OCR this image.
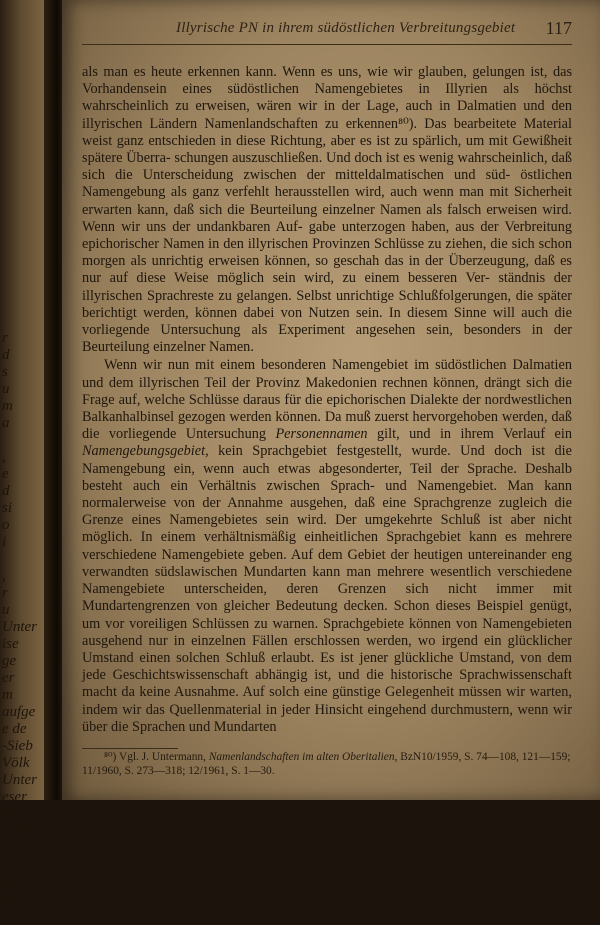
r
d
s
u
m
a
,
e
d
si
o
i
,
r
u
Unter
ise
ge
er
m
aufge
e de
-Sieb
Völk
Unter
eser
Sie
t der
In
ausf
hen
der F
alle
Illyrische PN in ihrem südöstlichen Verbreitungsgebiet 117

als man es heute erkennen kann. Wenn es uns, wie wir glauben, gelungen ist, das Vorhandensein eines südöstlichen Namengebietes in Illyrien als höchst wahrscheinlich zu erweisen, wären wir in der Lage, auch in Dalmatien und den illyrischen Ländern Namenlandschaften zu erkennen⁸⁰). Das bearbeitete Material weist ganz entschieden in diese Richtung, aber es ist zu spärlich, um mit Gewißheit spätere Überra- schungen auszuschließen. Und doch ist es wenig wahrscheinlich, daß sich die Unterscheidung zwischen der mitteldalmatischen und süd- östlichen Namengebung als ganz verfehlt herausstellen wird, auch wenn man mit Sicherheit erwarten kann, daß sich die Beurteilung einzelner Namen als falsch erweisen wird. Wenn wir uns der undankbaren Auf- gabe unterzogen haben, aus der Verbreitung epichorischer Namen in den illyrischen Provinzen Schlüsse zu ziehen, die sich schon morgen als unrichtig erweisen können, so geschah das in der Überzeugung, daß es nur auf diese Weise möglich sein wird, zu einem besseren Ver- ständnis der illyrischen Sprachreste zu gelangen. Selbst unrichtige Schlußfolgerungen, die später berichtigt werden, können dabei von Nutzen sein. In diesem Sinne will auch die vorliegende Untersuchung als Experiment angesehen sein, besonders in der Beurteilung einzelner Namen.

Wenn wir nun mit einem besonderen Namengebiet im südöstlichen Dalmatien und dem illyrischen Teil der Provinz Makedonien rechnen können, drängt sich die Frage auf, welche Schlüsse daraus für die epichorischen Dialekte der nordwestlichen Balkanhalbinsel gezogen werden können. Da muß zuerst hervorgehoben werden, daß die vorliegende Untersuchung Personennamen gilt, und in ihrem Verlauf ein Namengebungsgebiet, kein Sprachgebiet festgestellt, wurde. Und doch ist die Namengebung ein, wenn auch etwas abgesonderter, Teil der Sprache. Deshalb besteht auch ein Verhältnis zwischen Sprach- und Namengebiet. Man kann normalerweise von der Annahme ausgehen, daß eine Sprachgrenze zugleich die Grenze eines Namengebietes sein wird. Der umgekehrte Schluß ist aber nicht möglich. In einem verhältnismäßig einheitlichen Sprachgebiet kann es mehrere verschiedene Namengebiete geben. Auf dem Gebiet der heutigen untereinander eng verwandten südslawischen Mundarten kann man mehrere wesentlich verschiedene Namengebiete unterscheiden, deren Grenzen sich nicht immer mit Mundartengrenzen von gleicher Bedeutung decken. Schon dieses Beispiel genügt, um vor voreiligen Schlüssen zu warnen. Sprachgebiete können von Namengebieten ausgehend nur in einzelnen Fällen erschlossen werden, wo irgend ein glücklicher Umstand einen solchen Schluß erlaubt. Es ist jener glückliche Umstand, von dem jede Geschichtswissenschaft abhängig ist, und die historische Sprachwissenschaft macht da keine Ausnahme. Auf solch eine günstige Gelegenheit müssen wir warten, indem wir das Quellenmaterial in jeder Hinsicht eingehend durchmustern, wenn wir über die Sprachen und Mundarten

⁸⁰) Vgl. J. Untermann, Namenlandschaften im alten Oberitalien, BzN10/1959, S. 74—108, 121—159; 11/1960, S. 273—318; 12/1961, S. 1—30.
